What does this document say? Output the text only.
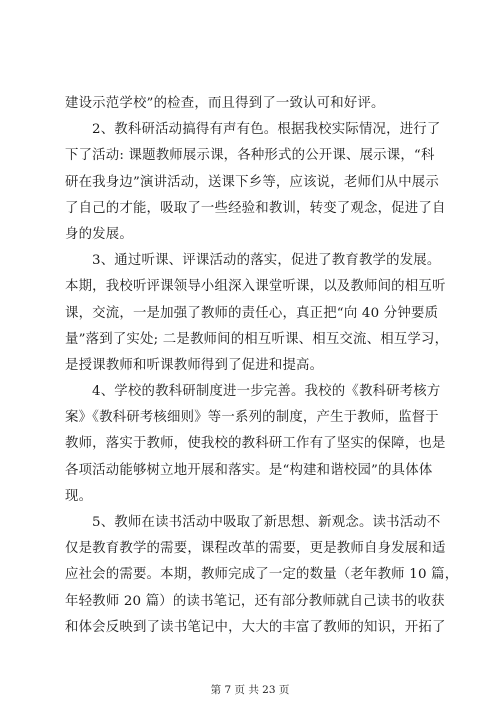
建设示范学校”的检查，而且得到了一致认可和好评。
2、教科研活动搞得有声有色。根据我校实际情况，进行了
下了活动: 课题教师展示课，各种形式的公开课、展示课，“科
研在我身边”演讲活动，送课下乡等，应该说，老师们从中展示
了自己的才能，吸取了一些经验和教训，转变了观念，促进了自
身的发展。
3、通过听课、评课活动的落实，促进了教育教学的发展。
本期，我校听评课领导小组深入课堂听课，以及教师间的相互听
课，交流，一是加强了教师的责任心，真正把“向 40 分钟要质
量”落到了实处; 二是教师间的相互听课、相互交流、相互学习，
是授课教师和听课教师得到了促进和提高。
4、学校的教科研制度进一步完善。我校的《教科研考核方
案》《教科研考核细则》等一系列的制度，产生于教师，监督于
教师，落实于教师，使我校的教科研工作有了坚实的保障，也是
各项活动能够树立地开展和落实。是“构建和谐校园”的具体体
现。
5、教师在读书活动中吸取了新思想、新观念。读书活动不
仅是教育教学的需要，课程改革的需要，更是教师自身发展和适
应社会的需要。本期，教师完成了一定的数量（老年教师 10 篇，
年轻教师 20 篇）的读书笔记，还有部分教师就自己读书的收获
和体会反映到了读书笔记中，大大的丰富了教师的知识，开拓了
第 7 页 共 23 页
